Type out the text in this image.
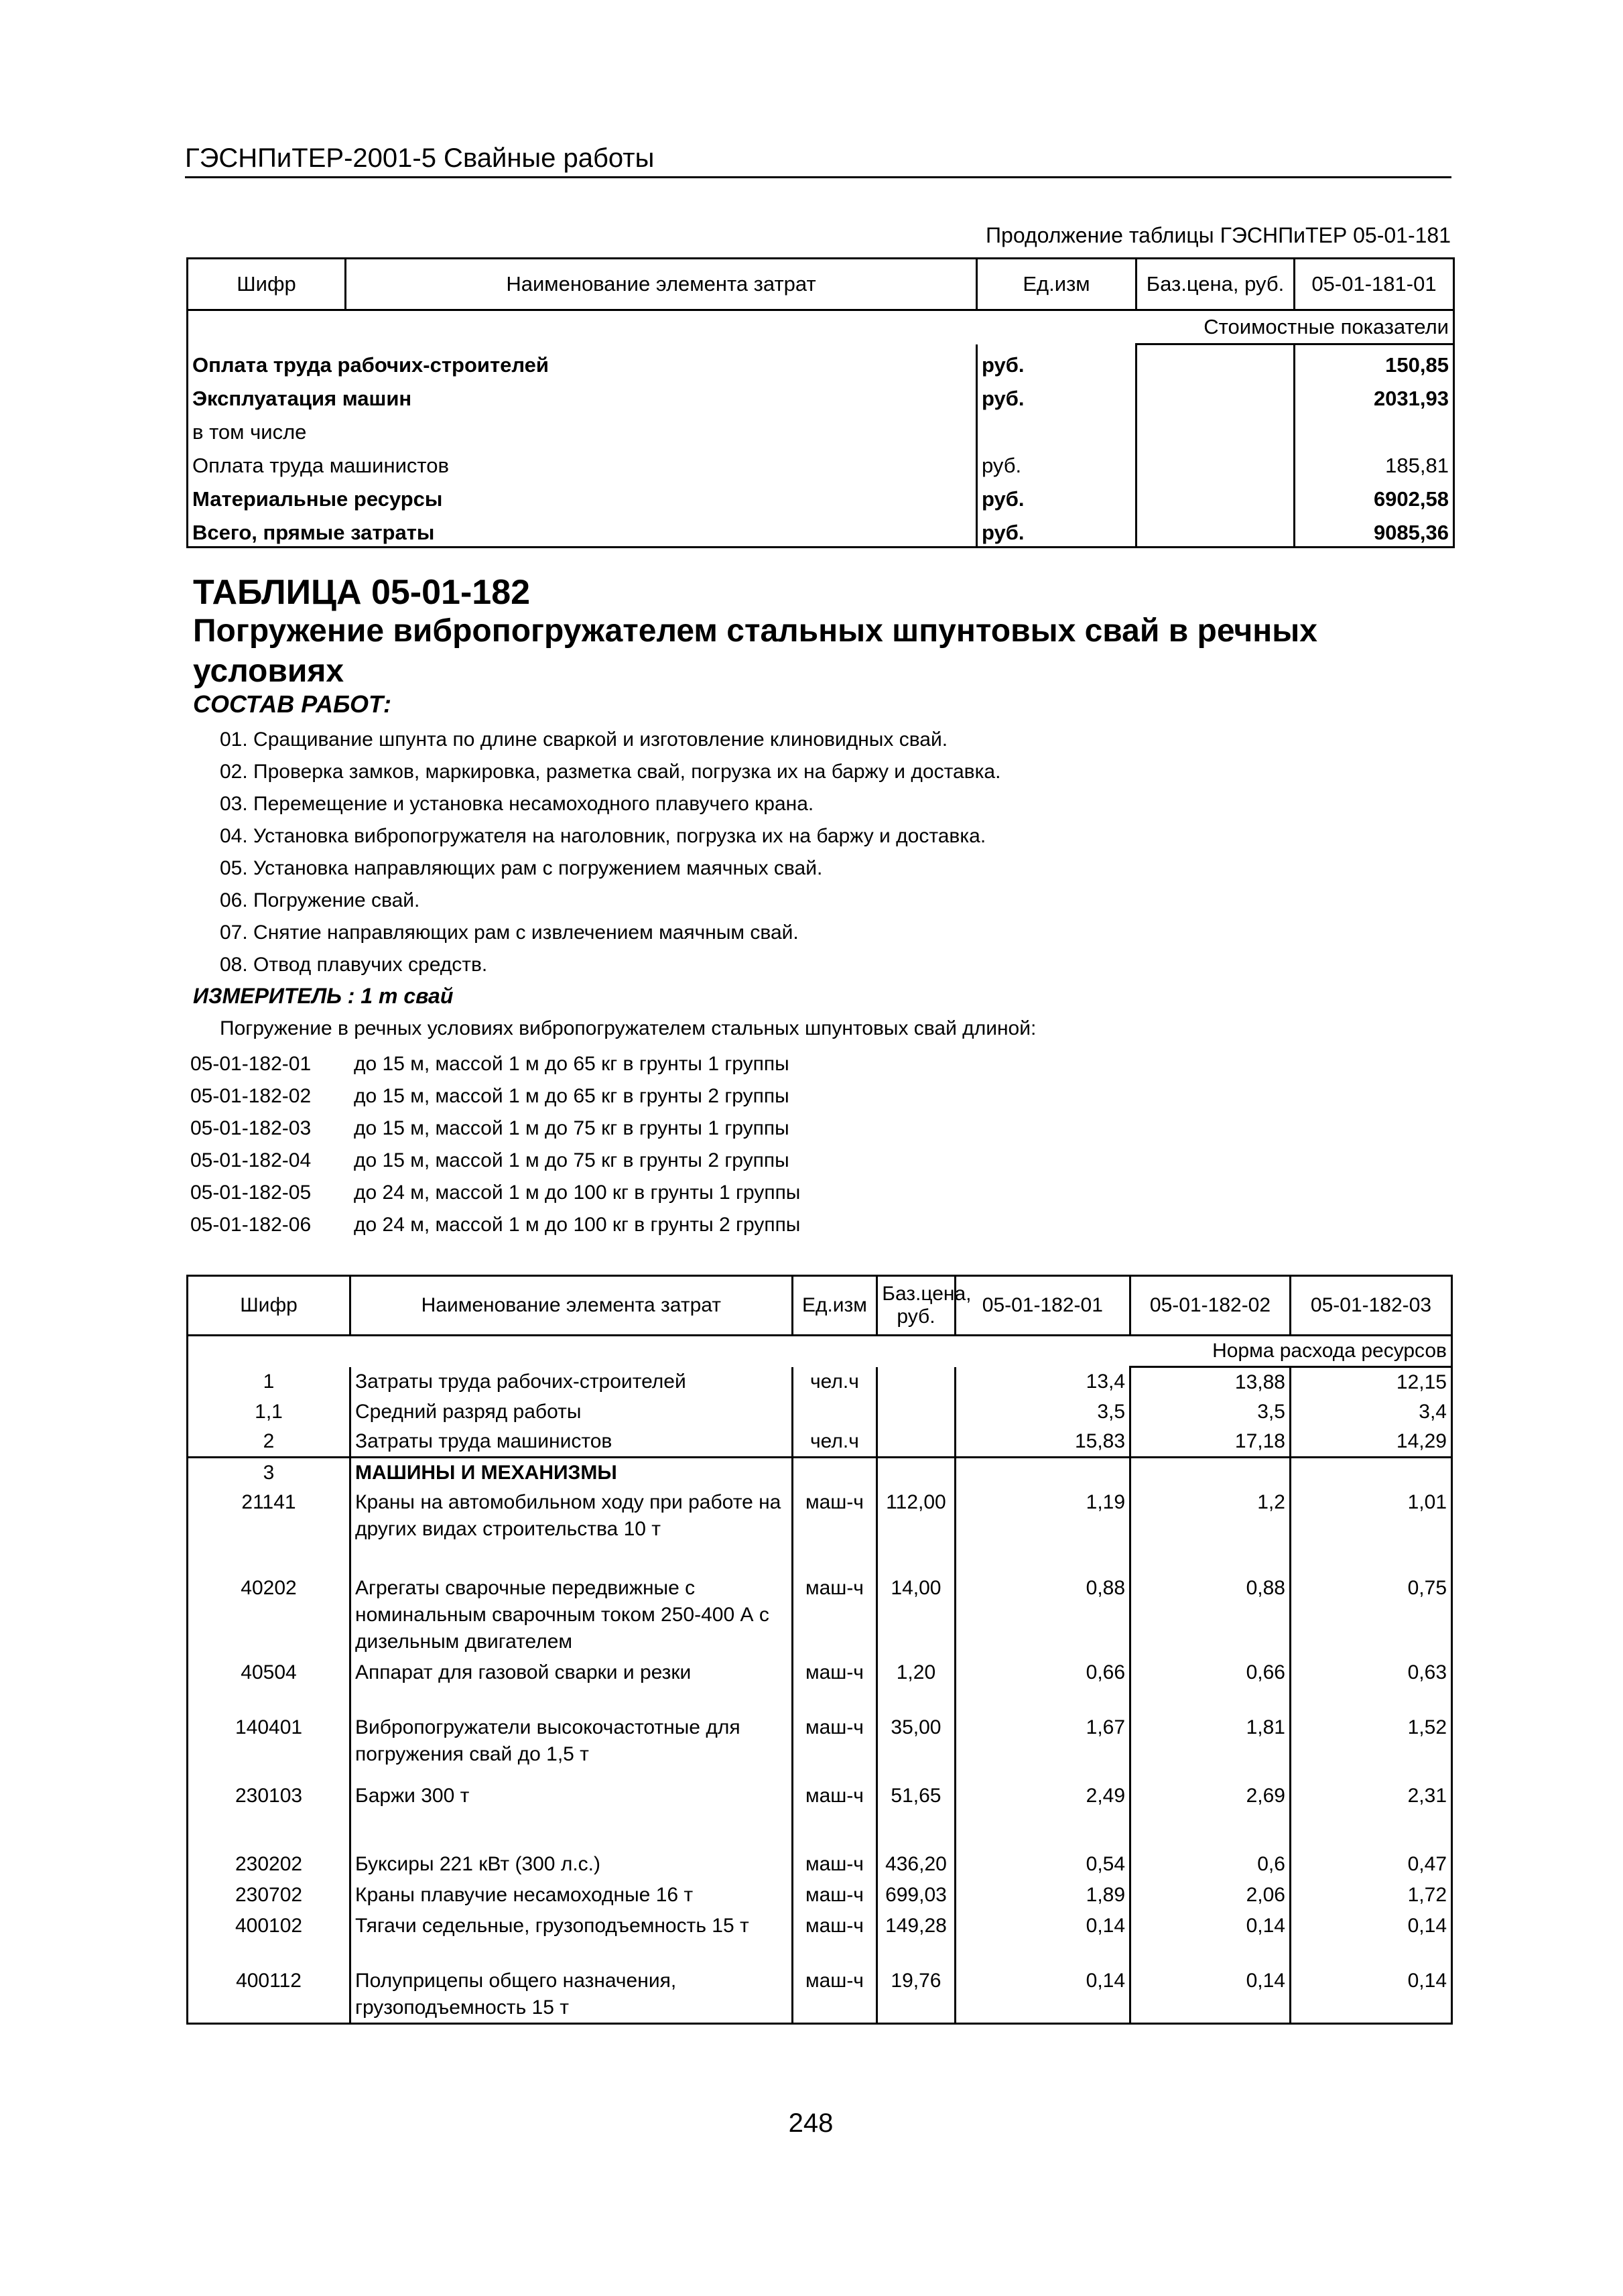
ГЭСНПиТЕР-2001-5 Свайные работы
Продолжение таблицы ГЭСНПиТЕР 05-01-181
Шифр	Наименование элемента затрат	Ед.изм	Баз.цена, руб.	05-01-181-01
			Стоимостные показатели	
Оплата труда рабочих-строителей		руб.		150,85
Эксплуатация машин		руб.		2031,93
в том числе				
Оплата труда машинистов		руб.		185,81
Материальные ресурсы		руб.		6902,58
Всего, прямые затраты		руб.		9085,36
ТАБЛИЦА 05-01-182
Погружение вибропогружателем стальных шпунтовых свай в речных условиях
СОСТАВ РАБОТ:
01. Сращивание шпунта по длине сваркой и изготовление клиновидных свай.
02. Проверка замков, маркировка, разметка свай, погрузка их на баржу и доставка.
03. Перемещение и установка несамоходного плавучего крана.
04. Установка вибропогружателя на наголовник, погрузка их на баржу и доставка.
05. Установка направляющих рам с погружением маячных свай.
06. Погружение свай.
07. Снятие направляющих рам с извлечением маячным свай.
08. Отвод плавучих средств.
ИЗМЕРИТЕЛЬ : 1 т свай
Погружение в речных условиях вибропогружателем стальных шпунтовых свай длиной:
05-01-182-01 до 15 м, массой 1 м до 65 кг в грунты 1 группы
05-01-182-02 до 15 м, массой 1 м до 65 кг в грунты 2 группы
05-01-182-03 до 15 м, массой 1 м до 75 кг в грунты 1 группы
05-01-182-04 до 15 м, массой 1 м до 75 кг в грунты 2 группы
05-01-182-05 до 24 м, массой 1 м до 100 кг в грунты 1 группы
05-01-182-06 до 24 м, массой 1 м до 100 кг в грунты 2 группы
Шифр	Наименование элемента затрат	Ед.изм	Баз.цена, руб.	05-01-182-01	05-01-182-02	05-01-182-03
					Норма расхода ресурсов	
1	Затраты труда рабочих-строителей	чел.ч		13,4	13,88	12,15
1,1	Средний разряд работы			3,5	3,5	3,4
2	Затраты труда машинистов	чел.ч		15,83	17,18	14,29
3	МАШИНЫ И МЕХАНИЗМЫ					
21141	Краны на автомобильном ходу при работе на других видах строительства 10 т	маш-ч	112,00	1,19	1,2	1,01
40202	Агрегаты сварочные передвижные с номинальным сварочным током 250-400 А с дизельным двигателем	маш-ч	14,00	0,88	0,88	0,75
40504	Аппарат для газовой сварки и резки	маш-ч	1,20	0,66	0,66	0,63
140401	Вибропогружатели высокочастотные для погружения свай до 1,5 т	маш-ч	35,00	1,67	1,81	1,52
230103	Баржи 300 т	маш-ч	51,65	2,49	2,69	2,31
230202	Буксиры 221 кВт (300 л.с.)	маш-ч	436,20	0,54	0,6	0,47
230702	Краны плавучие несамоходные 16 т	маш-ч	699,03	1,89	2,06	1,72
400102	Тягачи седельные, грузоподъемность 15 т	маш-ч	149,28	0,14	0,14	0,14
400112	Полуприцепы общего назначения, грузоподъемность 15 т	маш-ч	19,76	0,14	0,14	0,14
248
